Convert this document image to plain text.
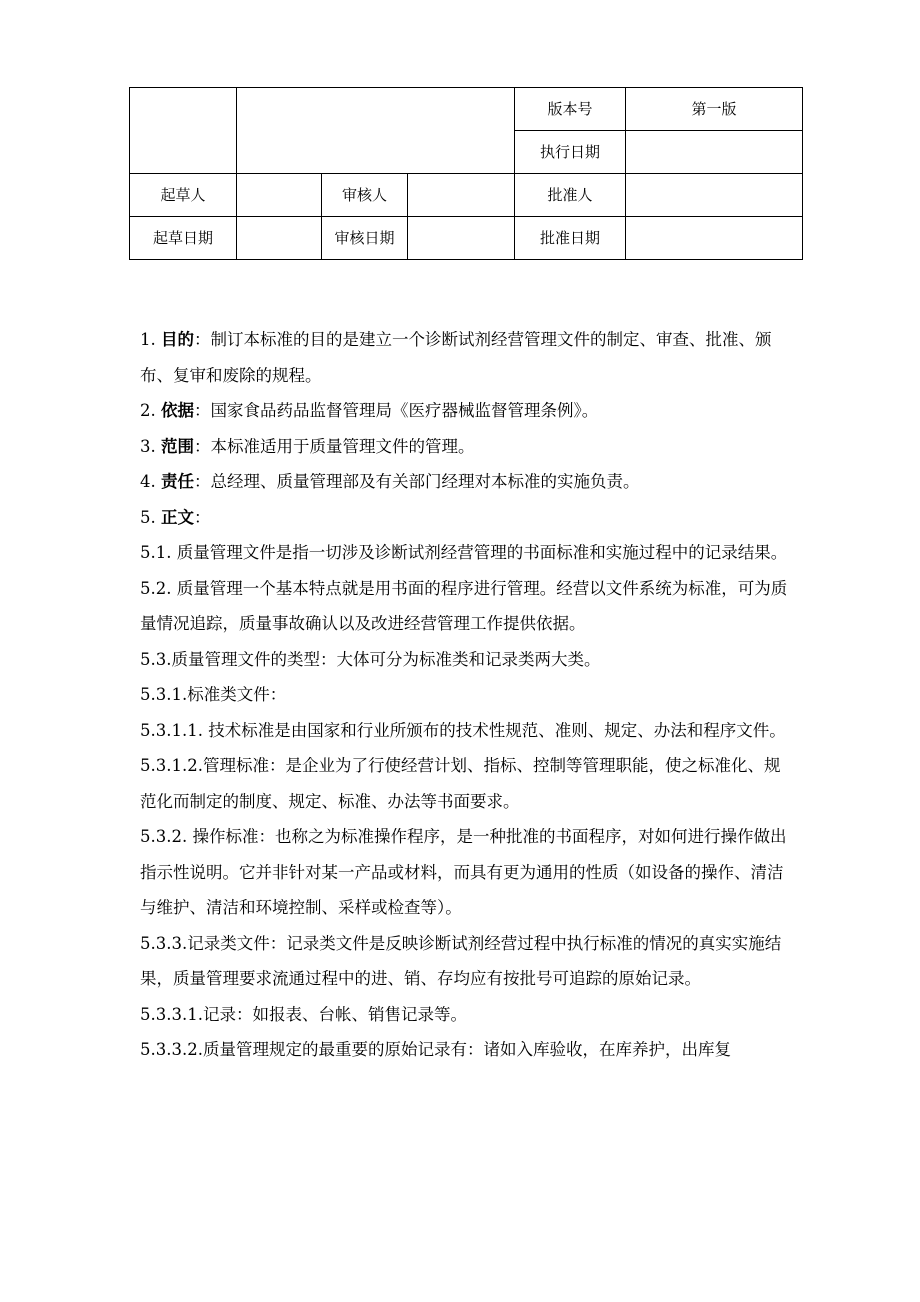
				版本号	第一版
				执行日期	
起草人		审核人		批准人	
起草日期		审核日期		批准日期	

1. 目的：制订本标准的目的是建立一个诊断试剂经营管理文件的制定、审查、批准、颁布、复审和废除的规程。

2. 依据：国家食品药品监督管理局《医疗器械监督管理条例》。

3. 范围：本标准适用于质量管理文件的管理。

4. 责任：总经理、质量管理部及有关部门经理对本标准的实施负责。

5. 正文：

5.1. 质量管理文件是指一切涉及诊断试剂经营管理的书面标准和实施过程中的记录结果。

5.2. 质量管理一个基本特点就是用书面的程序进行管理。经营以文件系统为标准，可为质量情况追踪，质量事故确认以及改进经营管理工作提供依据。

5.3.质量管理文件的类型：大体可分为标准类和记录类两大类。

5.3.1.标准类文件：

5.3.1.1. 技术标准是由国家和行业所颁布的技术性规范、准则、规定、办法和程序文件。

5.3.1.2.管理标准：是企业为了行使经营计划、指标、控制等管理职能，使之标准化、规范化而制定的制度、规定、标准、办法等书面要求。

5.3.2. 操作标准：也称之为标准操作程序，是一种批准的书面程序，对如何进行操作做出指示性说明。它并非针对某一产品或材料，而具有更为通用的性质（如设备的操作、清洁与维护、清洁和环境控制、采样或检查等）。

5.3.3.记录类文件：记录类文件是反映诊断试剂经营过程中执行标准的情况的真实实施结果，质量管理要求流通过程中的进、销、存均应有按批号可追踪的原始记录。

5.3.3.1.记录：如报表、台帐、销售记录等。

5.3.3.2.质量管理规定的最重要的原始记录有：诸如入库验收，在库养护，出库复
